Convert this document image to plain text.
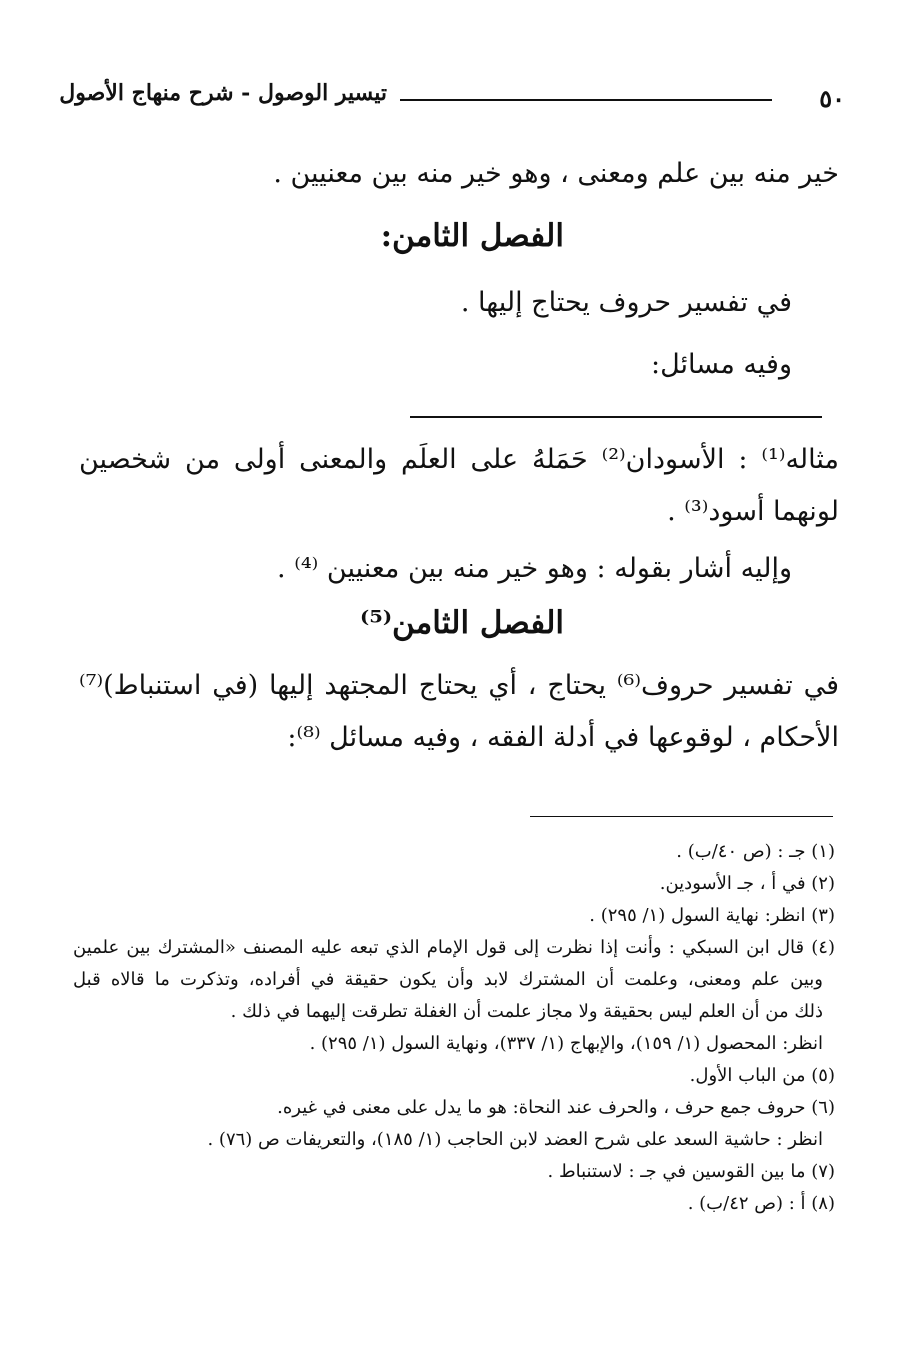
تيسير الوصول - شرح منهاج الأصول	٥٠
خير منه بين علم ومعنى ، وهو خير منه بين معنيين .
الفصل الثامن:
في تفسير حروف يحتاج إليها .
وفيه مسائل:
مثاله⁽¹⁾ : الأسودان⁽²⁾ حَمَلهُ على العلَم والمعنى أولى من شخصين
لونهما أسود⁽³⁾ .
وإليه أشار بقوله : وهو خير منه بين معنيين ⁽⁴⁾ .
الفصل الثامن⁽⁵⁾
في تفسير حروف⁽⁶⁾ يحتاج ، أي يحتاج المجتهد إليها (في استنباط)⁽⁷⁾
الأحكام ، لوقوعها في أدلة الفقه ، وفيه مسائل ⁽⁸⁾:
(١) جـ : (ص ٤٠/ب) .
(٢) في أ ، جـ الأسودين.
(٣) انظر: نهاية السول (١/ ٢٩٥) .
(٤) قال ابن السبكي : وأنت إذا نظرت إلى قول الإمام الذي تبعه عليه المصنف «المشترك بين علمين
وبين علم ومعنى، وعلمت أن المشترك لابد وأن يكون حقيقة في أفراده، وتذكرت ما قالاه قبل
ذلك من أن العلم ليس بحقيقة ولا مجاز علمت أن الغفلة تطرقت إليهما في ذلك .
انظر: المحصول (١/ ١٥٩)، والإبهاج (١/ ٣٣٧)، ونهاية السول (١/ ٢٩٥) .
(٥) من الباب الأول.
(٦) حروف جمع حرف ، والحرف عند النحاة: هو ما يدل على معنى في غيره.
انظر : حاشية السعد على شرح العضد لابن الحاجب (١/ ١٨٥)، والتعريفات ص (٧٦) .
(٧) ما بين القوسين في جـ : لاستنباط .
(٨) أ : (ص ٤٢/ب) .
